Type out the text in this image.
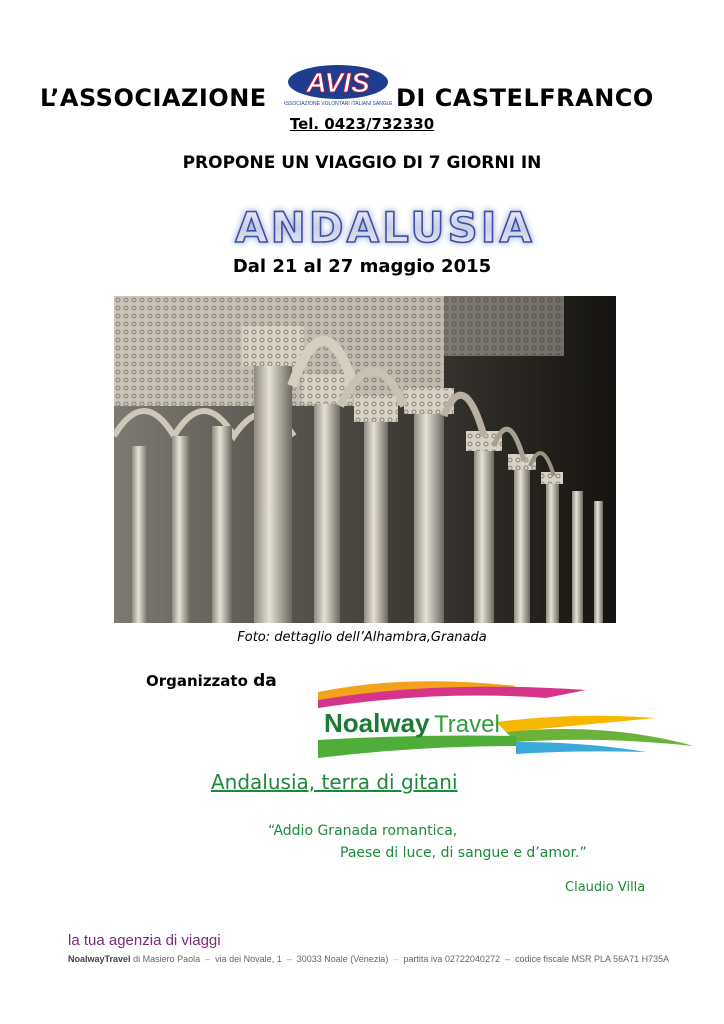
L’ASSOCIAZIONE AVIS
ASSOCIAZIONE VOLONTARI ITALIANI SANGUE DI CASTELFRANCO
Tel. 0423/732330
PROPONE UN VIAGGIO DI 7 GIORNI IN
ANDALUSIA
Dal 21 al 27 maggio 2015
Foto: dettaglio dell’Alhambra,Granada
Organizzato da
Noalway Travel
Andalusia, terra di gitani
“Addio Granada romantica,
Paese di luce, di sangue e d’amor.”
Claudio Villa
la tua agenzia di viaggi
NoalwayTravel di Masiero Paola  –  via dei Novale, 1  –  30033 Noale (Venezia)  –  partita iva 02722040272  –  codice fiscale MSR PLA 56A71 H735A
